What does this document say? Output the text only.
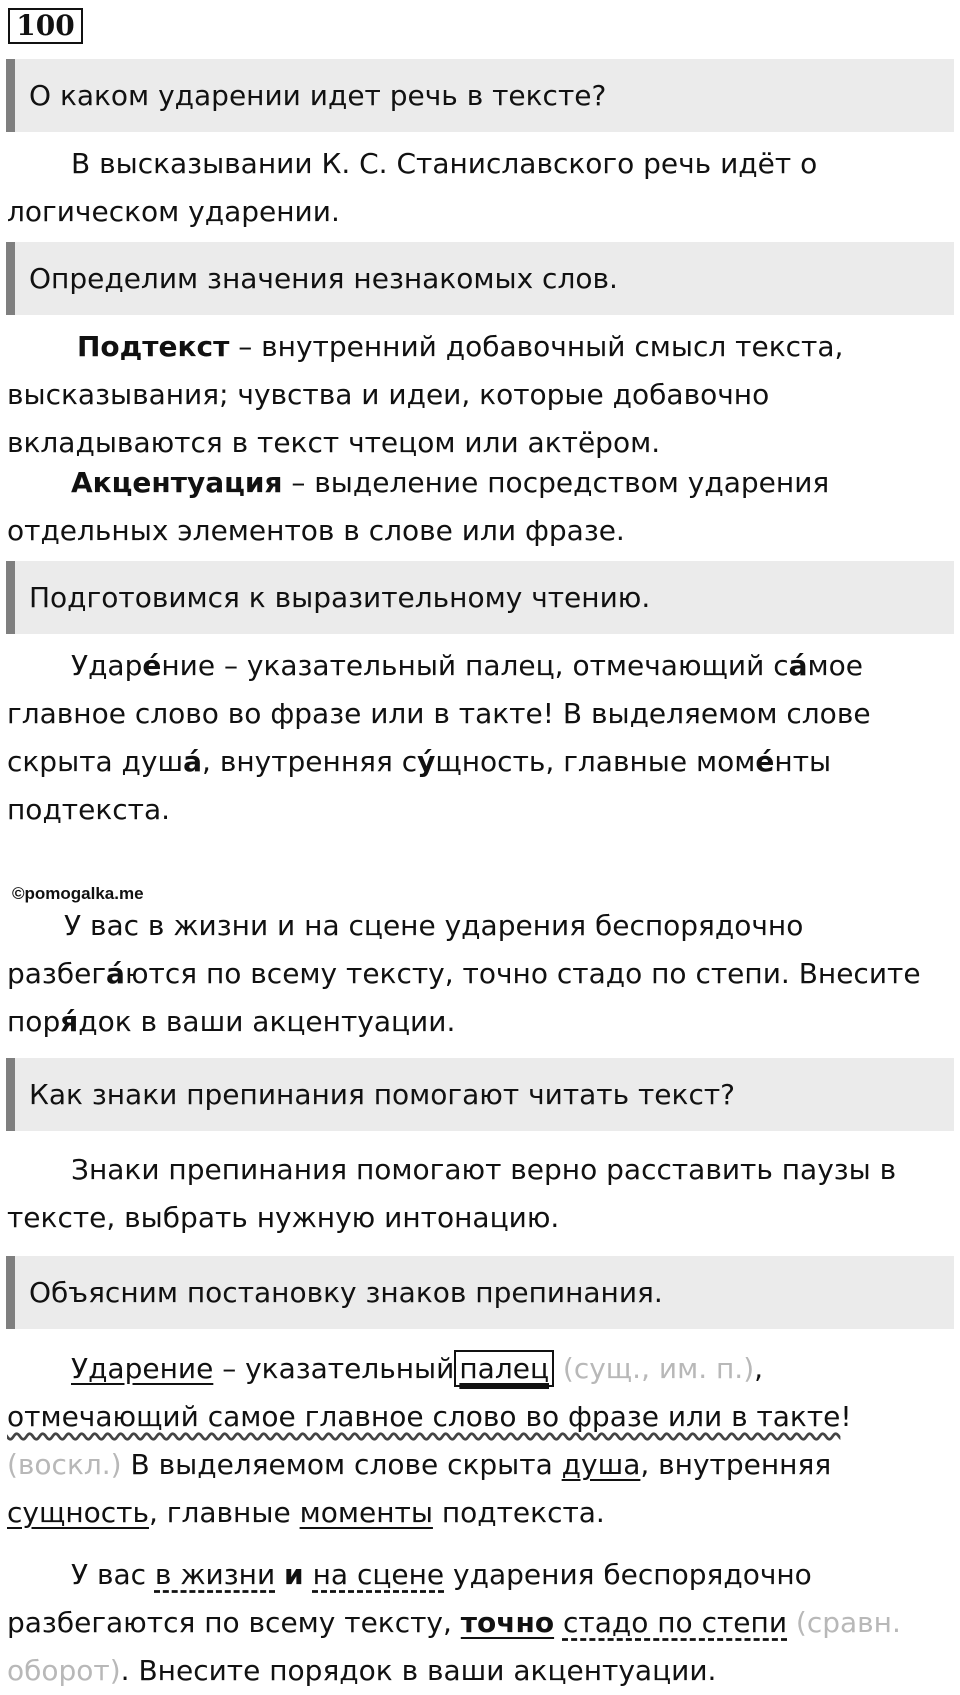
100
О каком ударении идет речь в тексте?
В высказывании К. С. Станиславского речь идёт о
логическом ударении.
Определим значения незнакомых слов.
Подтекст – внутренний добавочный смысл текста,
высказывания; чувства и идеи, которые добавочно
вкладываются в текст чтецом или актёром.
Акцентуация – выделение посредством ударения
отдельных элементов в слове или фразе.
Подготовимся к выразительному чтению.
Ударе́ние – указательный палец, отмечающий са́мое
главное слово во фразе или в такте! В выделяемом слове
скрыта душа́, внутренняя су́щность, главные моме́нты
подтекста.
©pomogalka.me
У вас в жизни и на сцене ударения беспорядочно
разбега́ются по всему тексту, точно стадо по степи. Внесите
поря́док в ваши акцентуации.
Как знаки препинания помогают читать текст?
Знаки препинания помогают верно расставить паузы в
тексте, выбрать нужную интонацию.
Объясним постановку знаков препинания.
Ударение – указательный палец (сущ., им. п.),
отмечающий самое главное слово во фразе или в такте!
(воскл.) В выделяемом слове скрыта душа, внутренняя
сущность, главные моменты подтекста.
У вас в жизни и на сцене ударения беспорядочно
разбегаются по всему тексту, точно стадо по степи (сравн.
оборот). Внесите порядок в ваши акцентуации.
